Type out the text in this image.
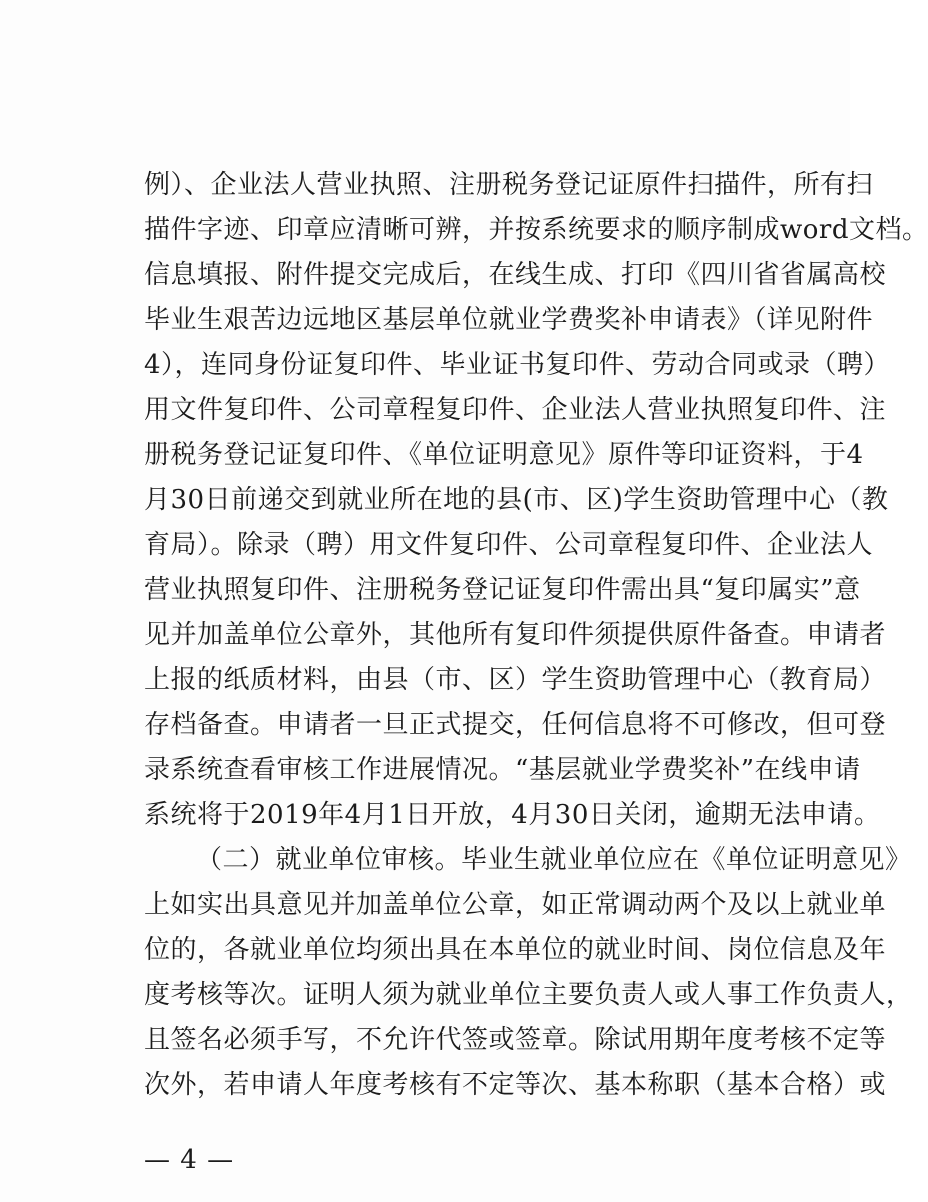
例）、企业法人营业执照、注册税务登记证原件扫描件，所有扫
描件字迹、印章应清晰可辨，并按系统要求的顺序制成word文档。
信息填报、附件提交完成后，在线生成、打印《四川省省属高校
毕业生艰苦边远地区基层单位就业学费奖补申请表》（详见附件
4），连同身份证复印件、毕业证书复印件、劳动合同或录（聘）
用文件复印件、公司章程复印件、企业法人营业执照复印件、注
册税务登记证复印件、《单位证明意见》原件等印证资料，于4
月30日前递交到就业所在地的县(市、区)学生资助管理中心（教
育局）。除录（聘）用文件复印件、公司章程复印件、企业法人
营业执照复印件、注册税务登记证复印件需出具“复印属实”意
见并加盖单位公章外，其他所有复印件须提供原件备查。申请者
上报的纸质材料，由县（市、区）学生资助管理中心（教育局）
存档备查。申请者一旦正式提交，任何信息将不可修改，但可登
录系统查看审核工作进展情况。“基层就业学费奖补”在线申请
系统将于2019年4月1日开放，4月30日关闭，逾期无法申请。
（二）就业单位审核。毕业生就业单位应在《单位证明意见》
上如实出具意见并加盖单位公章，如正常调动两个及以上就业单
位的，各就业单位均须出具在本单位的就业时间、岗位信息及年
度考核等次。证明人须为就业单位主要负责人或人事工作负责人，
且签名必须手写，不允许代签或签章。除试用期年度考核不定等
次外，若申请人年度考核有不定等次、基本称职（基本合格）或
— 4 —
